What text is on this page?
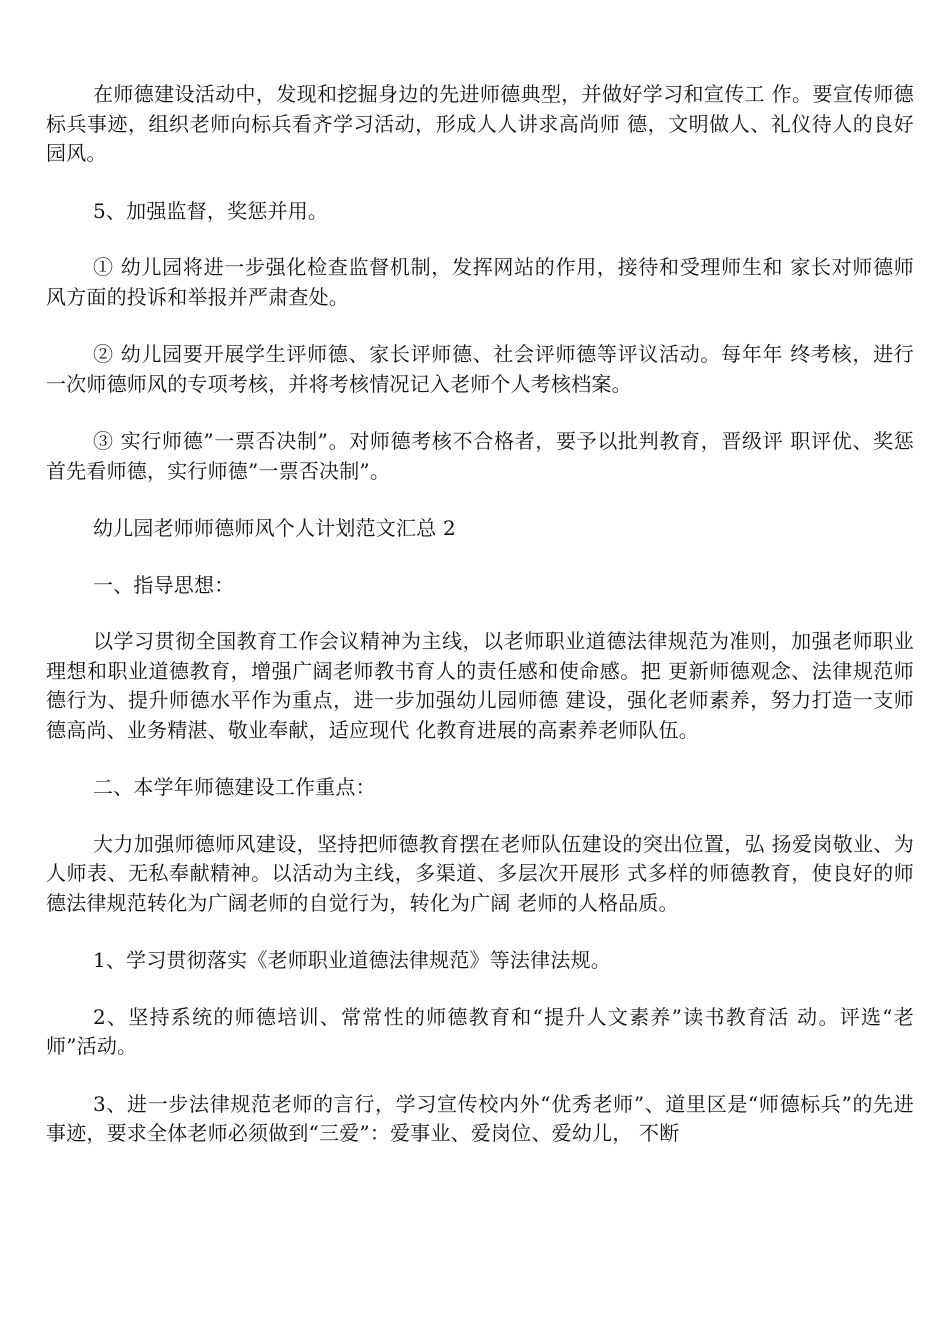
在师德建设活动中，发现和挖掘身边的先进师德典型，并做好学习和宣传工 作。要宣传师德标兵事迹，组织老师向标兵看齐学习活动，形成人人讲求高尚师 德，文明做人、礼仪待人的良好园风。

5、加强监督，奖惩并用。

① 幼儿园将进一步强化检查监督机制，发挥网站的作用，接待和受理师生和 家长对师德师风方面的投诉和举报并严肃查处。

② 幼儿园要开展学生评师德、家长评师德、社会评师德等评议活动。每年年 终考核，进行一次师德师风的专项考核，并将考核情况记入老师个人考核档案。

③ 实行师德”一票否决制”。对师德考核不合格者，要予以批判教育，晋级评 职评优、奖惩首先看师德，实行师德”一票否决制”。

幼儿园老师师德师风个人计划范文汇总 2

一、指导思想：

以学习贯彻全国教育工作会议精神为主线，以老师职业道德法律规范为准则，加强老师职业理想和职业道德教育，增强广阔老师教书育人的责任感和使命感。把 更新师德观念、法律规范师德行为、提升师德水平作为重点，进一步加强幼儿园师德 建设，强化老师素养，努力打造一支师德高尚、业务精湛、敬业奉献，适应现代 化教育进展的高素养老师队伍。

二、本学年师德建设工作重点：

大力加强师德师风建设，坚持把师德教育摆在老师队伍建设的突出位置，弘 扬爱岗敬业、为人师表、无私奉献精神。以活动为主线，多渠道、多层次开展形 式多样的师德教育，使良好的师德法律规范转化为广阔老师的自觉行为，转化为广阔 老师的人格品质。

1、学习贯彻落实《老师职业道德法律规范》等法律法规。

2、坚持系统的师德培训、常常性的师德教育和“提升人文素养”读书教育活 动。评选“老师”活动。

3、进一步法律规范老师的言行，学习宣传校内外“优秀老师”、道里区是“师德标兵”的先进事迹，要求全体老师必须做到“三爱”：爱事业、爱岗位、爱幼儿， 不断
